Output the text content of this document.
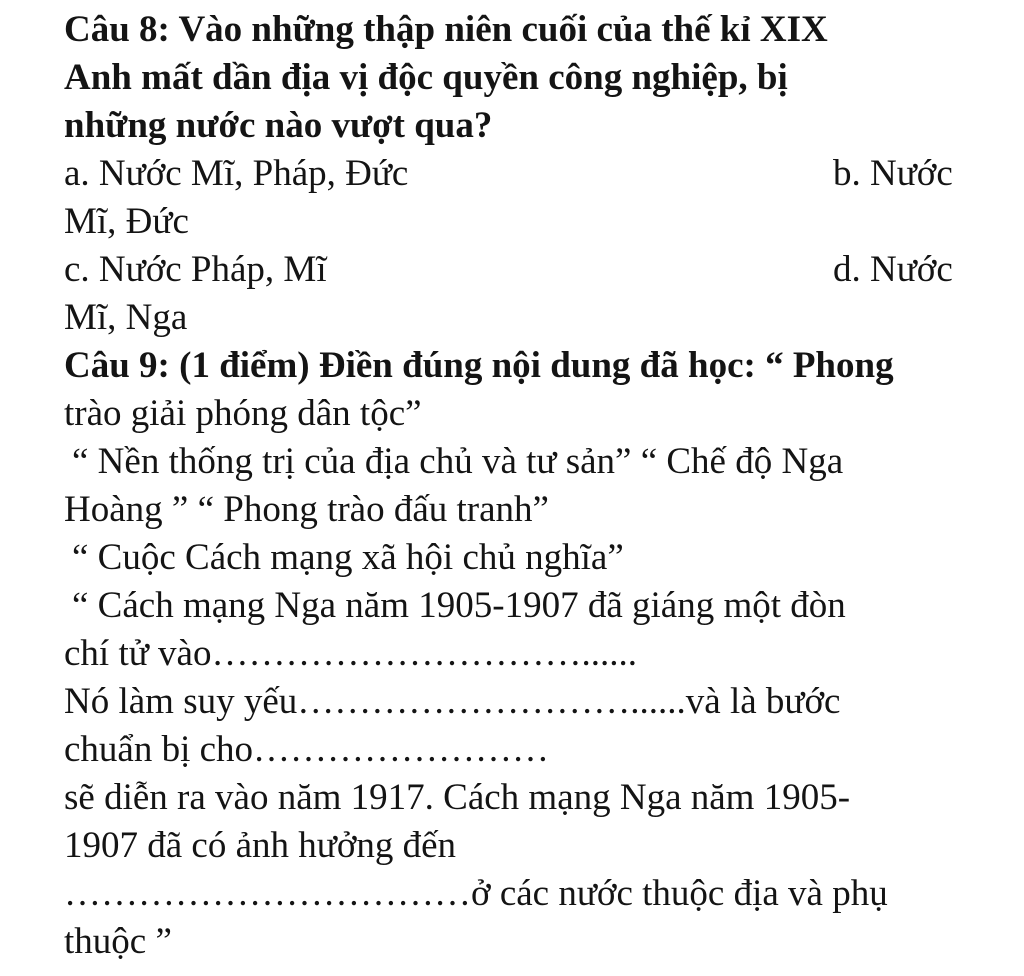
Câu 8: Vào những thập niên cuối của thế kỉ XIX
Anh mất dần địa vị độc quyền công nghiệp, bị
những nước nào vượt qua?
a. Nước Mĩ, Pháp, Đức	b. Nước
Mĩ, Đức
c. Nước Pháp, Mĩ	d. Nước
Mĩ, Nga
Câu 9: (1 điểm) Điền đúng nội dung đã học: “ Phong
trào giải phóng dân tộc”
“ Nền thống trị của địa chủ và tư sản” “ Chế độ Nga
Hoàng ” “ Phong trào đấu tranh”
“ Cuộc Cách mạng xã hội chủ nghĩa”
“ Cách mạng Nga năm 1905-1907 đã giáng một đòn
chí tử vào…………………………......
Nó làm suy yếu………………………......và là bước
chuẩn bị cho……………………
sẽ diễn ra vào năm 1917. Cách mạng Nga năm 1905-
1907 đã có ảnh hưởng đến
……………………………ở các nước thuộc địa và phụ
thuộc ”
